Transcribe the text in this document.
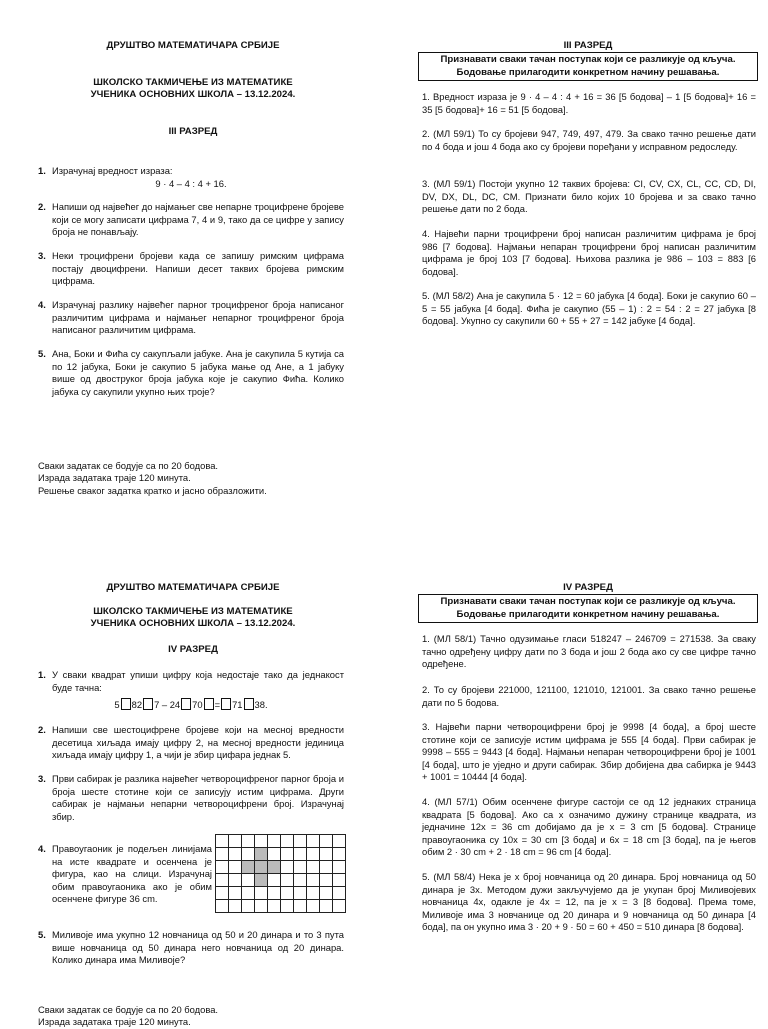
ДРУШТВО МАТЕМАТИЧАРА СРБИЈЕ
ШКОЛСКО ТАКМИЧЕЊЕ ИЗ МАТЕМАТИКЕ
УЧЕНИКА ОСНОВНИХ ШКОЛА – 13.12.2024.
III РАЗРЕД
1. Израчунај вредност израза:
9 · 4 – 4 : 4 + 16.
2. Напиши од највећег до најмањег све непарне троцифрене бројеве који се могу записати цифрама 7, 4 и 9, тако да се цифре у запису броја не понављају.
3. Неки троцифрени бројеви када се запишу римским цифрама постају двоцифрени. Напиши десет таквих бројева римским цифрама.
4. Израчунај разлику највећег парног троцифреног броја написаног различитим цифрама и најмањег непарног троцифреног броја написаног различитим цифрама.
5. Ана, Боки и Фића су сакупљали јабуке. Ана је сакупила 5 кутија са по 12 јабука, Боки је сакупио 5 јабука мање од Ане, а 1 јабуку више од двоструког броја јабука које је сакупио Фића. Колико јабука су сакупили укупно њих троје?
Сваки задатак се бодује са по 20 бодова.
Израда задатака траје 120 минута.
Решење сваког задатка кратко и јасно образложити.
III РАЗРЕД
Признавати сваки тачан поступак који се разликује од кључа.
Бодовање прилагодити конкретном начину решавања.
1. Вредност израза је 9 · 4 – 4 : 4 + 16 = 36 [5 бодова] – 1 [5 бодова]+ 16 = 35 [5 бодова]+ 16 = 51 [5 бодова].
2. (МЛ 59/1) То су бројеви 947, 749, 497, 479. За свако тачно решење дати по 4 бода и још 4 бода ако су бројеви поређани у исправном редоследу.
3. (МЛ 59/1) Постоји укупно 12 таквих бројева: CI, CV, CX, CL, CC, CD, DI, DV, DX, DL, DC, CM. Признати било којих 10 бројева и за свако тачно решење дати по 2 бода.
4. Највећи парни троцифрени број написан различитим цифрама је број 986 [7 бодова]. Најмањи непаран троцифрени број написан различитим цифрама је број 103 [7 бодова]. Њихова разлика је 986 – 103 = 883 [6 бодова].
5. (МЛ 58/2) Ана је сакупила 5 · 12 = 60 јабука [4 бода]. Боки је сакупио 60 – 5 = 55 јабука [4 бода]. Фића је сакупио (55 – 1) : 2 = 54 : 2 = 27 јабука [8 бодова]. Укупно су сакупили 60 + 55 + 27 = 142 јабуке [4 бода].
ДРУШТВО МАТЕМАТИЧАРА СРБИЈЕ
ШКОЛСКО ТАКМИЧЕЊЕ ИЗ МАТЕМАТИКЕ
УЧЕНИКА ОСНОВНИХ ШКОЛА – 13.12.2024.
IV РАЗРЕД
1. У сваки квадрат упиши цифру која недостаје тако да једнакост буде тачна:
5 82 7 – 24 70 = 71 38.
2. Напиши све шестоцифрене бројеве који на месној вредности десетица хиљада имају цифру 2, на месној вредности јединица хиљада имају цифру 1, а чији је збир цифара једнак 5.
3. Први сабирак је разлика највећег четвороцифреног парног броја и броја шесте стотине који се записују истим цифрама. Други сабирак је најмањи непарни четвороцифрени број. Израчунај збир.
4. Правоугаоник је подељен линијама на исте квадрате и осенчена је фигура, као на слици. Израчунај обим правоугаоника ако је обим осенчене фигуре 36 cm.

5. Миливоје има укупно 12 новчаница од 50 и 20 динара и то 3 пута више новчаница од 50 динара него новчаница од 20 динара. Колико динара има Миливоје?
Сваки задатак се бодује са по 20 бодова.
Израда задатака траје 120 минута.
IV РАЗРЕД
Признавати сваки тачан поступак који се разликује од кључа.
Бодовање прилагодити конкретном начину решавања.
1. (МЛ 58/1) Тачно одузимање гласи 518247 – 246709 = 271538. За сваку тачно одређену цифру дати по 3 бода и још 2 бода ако су све цифре тачно одређене.
2. То су бројеви 221000, 121100, 121010, 121001. За свако тачно решење дати по 5 бодова.
3. Највећи парни четвороцифрени број је 9998 [4 бода], а број шесте стотине који се записује истим цифрама је 555 [4 бода]. Први сабирак је 9998 – 555 = 9443 [4 бода]. Најмањи непаран четвороцифрени број је 1001 [4 бода], што је уједно и други сабирак. Збир добијена два сабирка је 9443 + 1001 = 10444 [4 бода].
4. (МЛ 57/1) Обим осенчене фигуре састоји се од 12 једнаких страница квадрата [5 бодова]. Ако са x означимо дужину странице квадрата, из једначине 12x = 36 cm добијамо да је x = 3 cm [5 бодова]. Странице правоугаоника су 10x = 30 cm [3 бода] и 6x = 18 cm [3 бода], па је његов обим 2 · 30 cm + 2 · 18 cm = 96 cm [4 бода].
5. (МЛ 58/4) Нека је x број новчаница од 20 динара. Број новчаница од 50 динара је 3x. Методом дужи закључујемо да је укупан број Миливојевих новчаница 4x, одакле је 4x = 12, па је x = 3 [8 бодова]. Према томе, Миливоје има 3 новчанице од 20 динара и 9 новчаница од 50 динара [4 бода], па он укупно има 3 · 20 + 9 · 50 = 60 + 450 = 510 динара [8 бодова].
